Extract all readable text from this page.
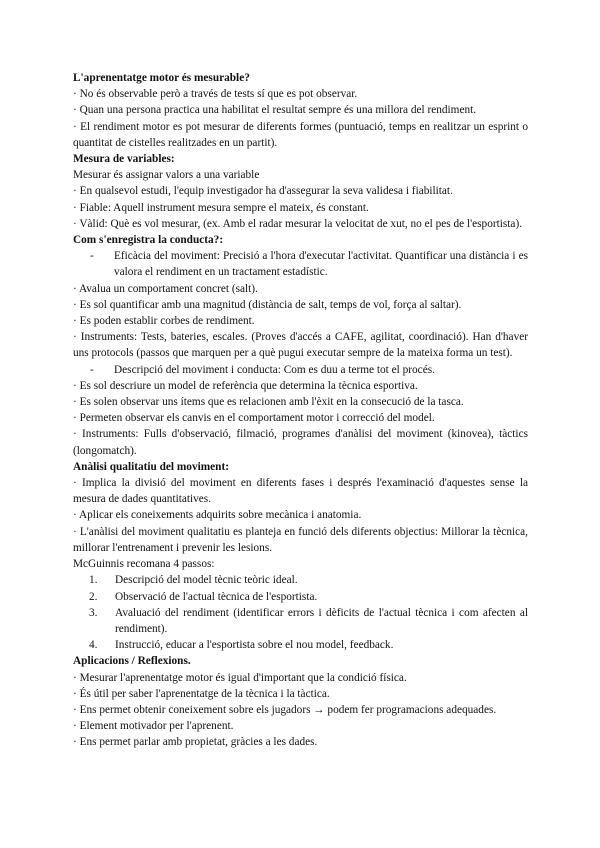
L'aprenentatge motor és mesurable?

· No és observable però a través de tests sí que es pot observar.

· Quan una persona practica una habilitat el resultat sempre és una millora del rendiment.

· El rendiment motor es pot mesurar de diferents formes (puntuació, temps en realitzar un esprint o quantitat de cistelles realitzades en un partit).

Mesura de variables:

Mesurar és assignar valors a una variable

· En qualsevol estudi, l'equip investigador ha d'assegurar la seva validesa i fiabilitat.

· Fiable: Aquell instrument mesura sempre el mateix, és constant.

· Vàlid: Què es vol mesurar, (ex. Amb el radar mesurar la velocitat de xut, no el pes de l'esportista).

Com s'enregistra la conducta?:

-	Eficàcia del moviment: Precisió a l'hora d'executar l'activitat. Quantificar una distància i es valora el rendiment en un tractament estadístic.

· Avalua un comportament concret (salt).

· Es sol quantificar amb una magnitud (distància de salt, temps de vol, força al saltar).

· Es poden establir corbes de rendiment.

· Instruments: Tests, bateries, escales. (Proves d'accés a CAFE, agilitat, coordinació). Han d'haver uns protocols (passos que marquen per a què pugui executar sempre de la mateixa forma un test).

-	Descripció del moviment i conducta: Com es duu a terme tot el procés.

· Es sol descriure un model de referència que determina la tècnica esportiva.

· Es solen observar uns ítems que es relacionen amb l'èxit en la consecució de la tasca.

· Permeten observar els canvis en el comportament motor i correcció del model.

· Instruments: Fulls d'observació, filmació, programes d'anàlisi del moviment (kinovea), tàctics (longomatch).

Anàlisi qualitatiu del moviment:

· Implica la divisió del moviment en diferents fases i després l'examinació d'aquestes sense la mesura de dades quantitatives.

· Aplicar els coneixements adquirits sobre mecànica i anatomia.

· L'anàlisi del moviment qualitatiu es planteja en funció dels diferents objectius: Millorar la tècnica, millorar l'entrenament i prevenir les lesions.

McGuinnis recomana 4 passos:

1.	Descripció del model tècnic teòric ideal.
2.	Observació de l'actual tècnica de l'esportista.
3.	Avaluació del rendiment (identificar errors i dèficits de l'actual tècnica i com afecten al rendiment).
4.	Instrucció, educar a l'esportista sobre el nou model, feedback.

Aplicacions / Reflexions.

· Mesurar l'aprenentatge motor és igual d'important que la condició física.

· És útil per saber l'aprenentatge de la tècnica i la tàctica.

· Ens permet obtenir coneixement sobre els jugadors → podem fer programacions adequades.

· Element motivador per l'aprenent.

· Ens permet parlar amb propietat, gràcies a les dades.
